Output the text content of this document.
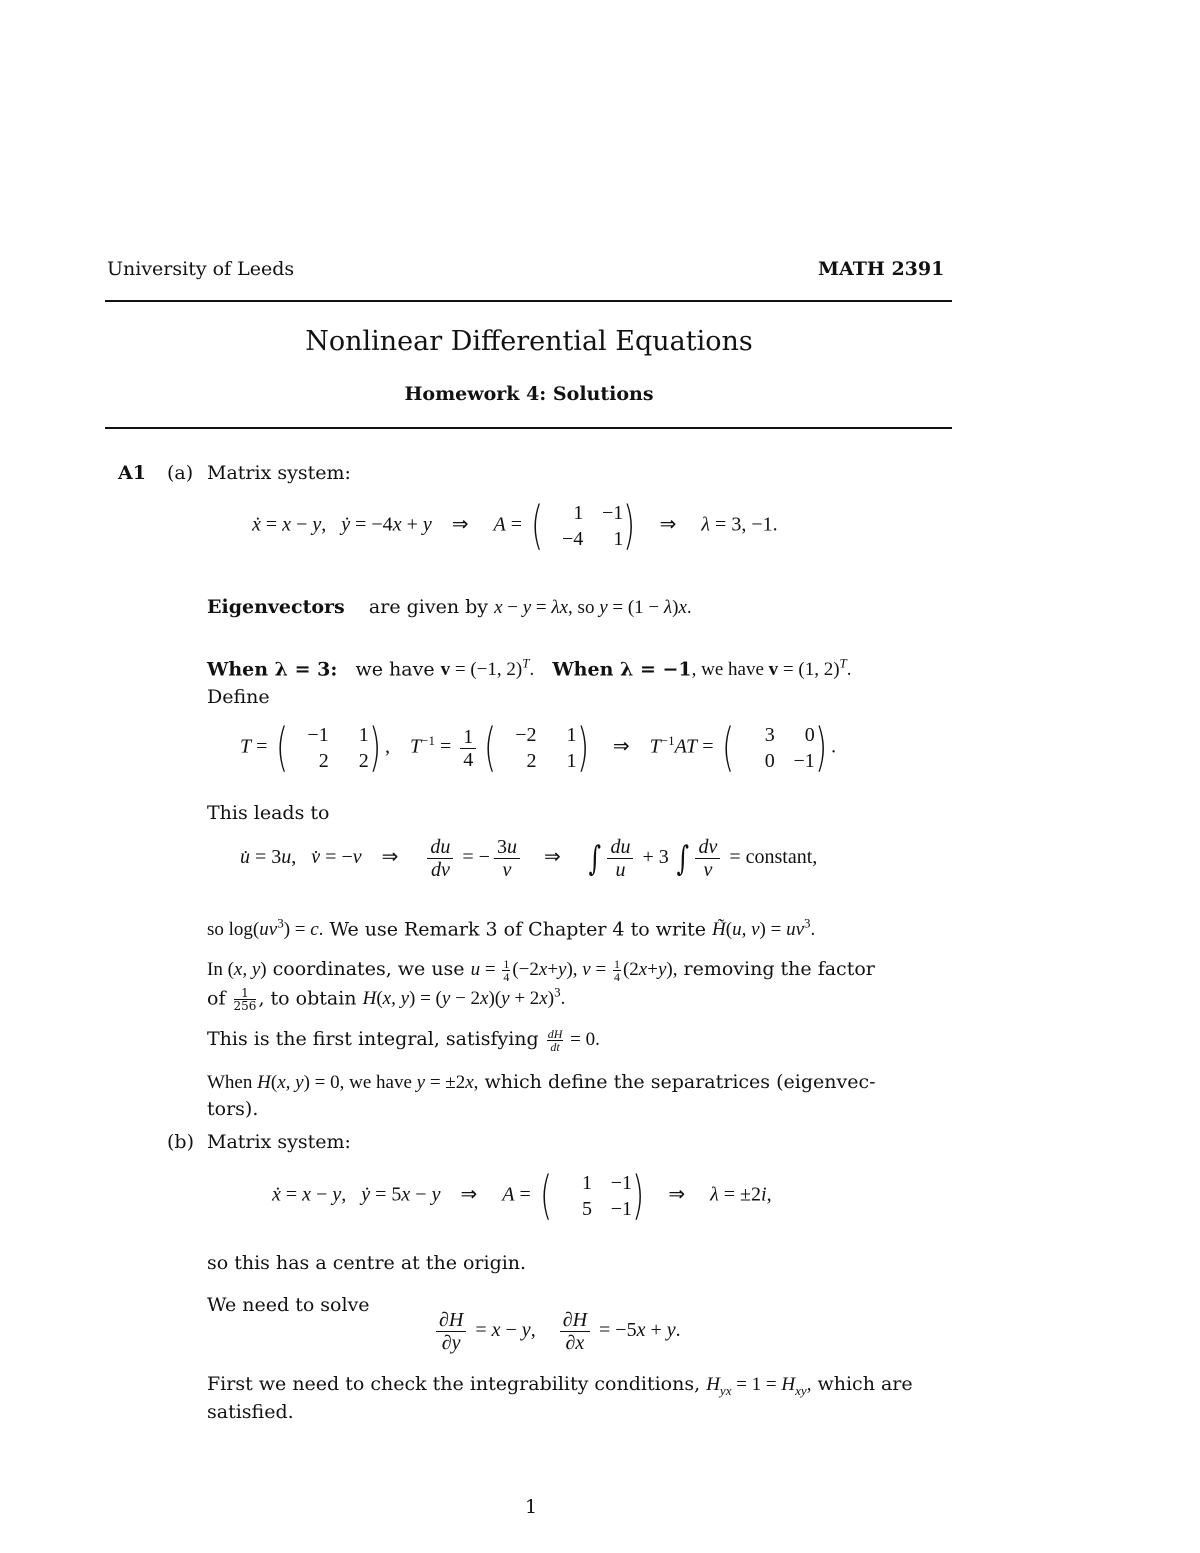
University of Leeds	MATH 2391
Nonlinear Differential Equations
Homework 4: Solutions
A1 (a) Matrix system:
ẋ = x − y,   ẏ = −4x + y    ⇒     A = (	1 −1
−4	1 )    ⇒     λ = 3, −1.
Eigenvectors are given by x − y = λx, so y = (1 − λ)x.
When λ = 3: we have v = (−1, 2)$^T$. When λ = −1, we have v = (1, 2)$^T$.
Define
T = ( −1	1
2	2 ) ,    $T^{-1} = \frac{1}{4}$ ( −2	1
2	1 )    ⇒    $T^{-1}AT$ = (	3	0
0 −1 ) .
This leads to
u̇ = 3u,   v̇ = −v    ⇒ $\frac{du}{dv}$ = − $\frac{3u}{v}$ ⇒     ∫ $\frac{du}{u} + 3$ ∫ $\frac{dv}{v}$ = constant,
so $\log(uv^3) = c$. We use Remark 3 of Chapter 4 to write H̃(u, $v) = uv^3$.
In (x, y) coordinates, we use $u = \frac{1}{4} (-2x+y)$, $v = \frac{1}{4} (2x+y)$, removing the factor
of $\frac{1}{256}$ , to obtain H(x, $y) = (y - 2x)(y + 2x)^3$.
This is the first integral, satisfying $\frac{dH}{dt} = 0$.
When H(x, y) = 0, we have y = ±2x, which define the separatrices (eigenvec-
tors).
(b) Matrix system:
ẋ = x − y,   ẏ = 5x − y    ⇒     A = (	1 −1
5 −1 )    ⇒     λ = ±2i,
so this has a centre at the origin.
We need to solve
$\frac{\partial H}{\partial y} = x - y$, $\frac{\partial H}{\partial x} = -5x + y$.
First we need to check the integrability conditions, $H_{yx} = 1 = H_{xy}$, which are
satisfied.
1
